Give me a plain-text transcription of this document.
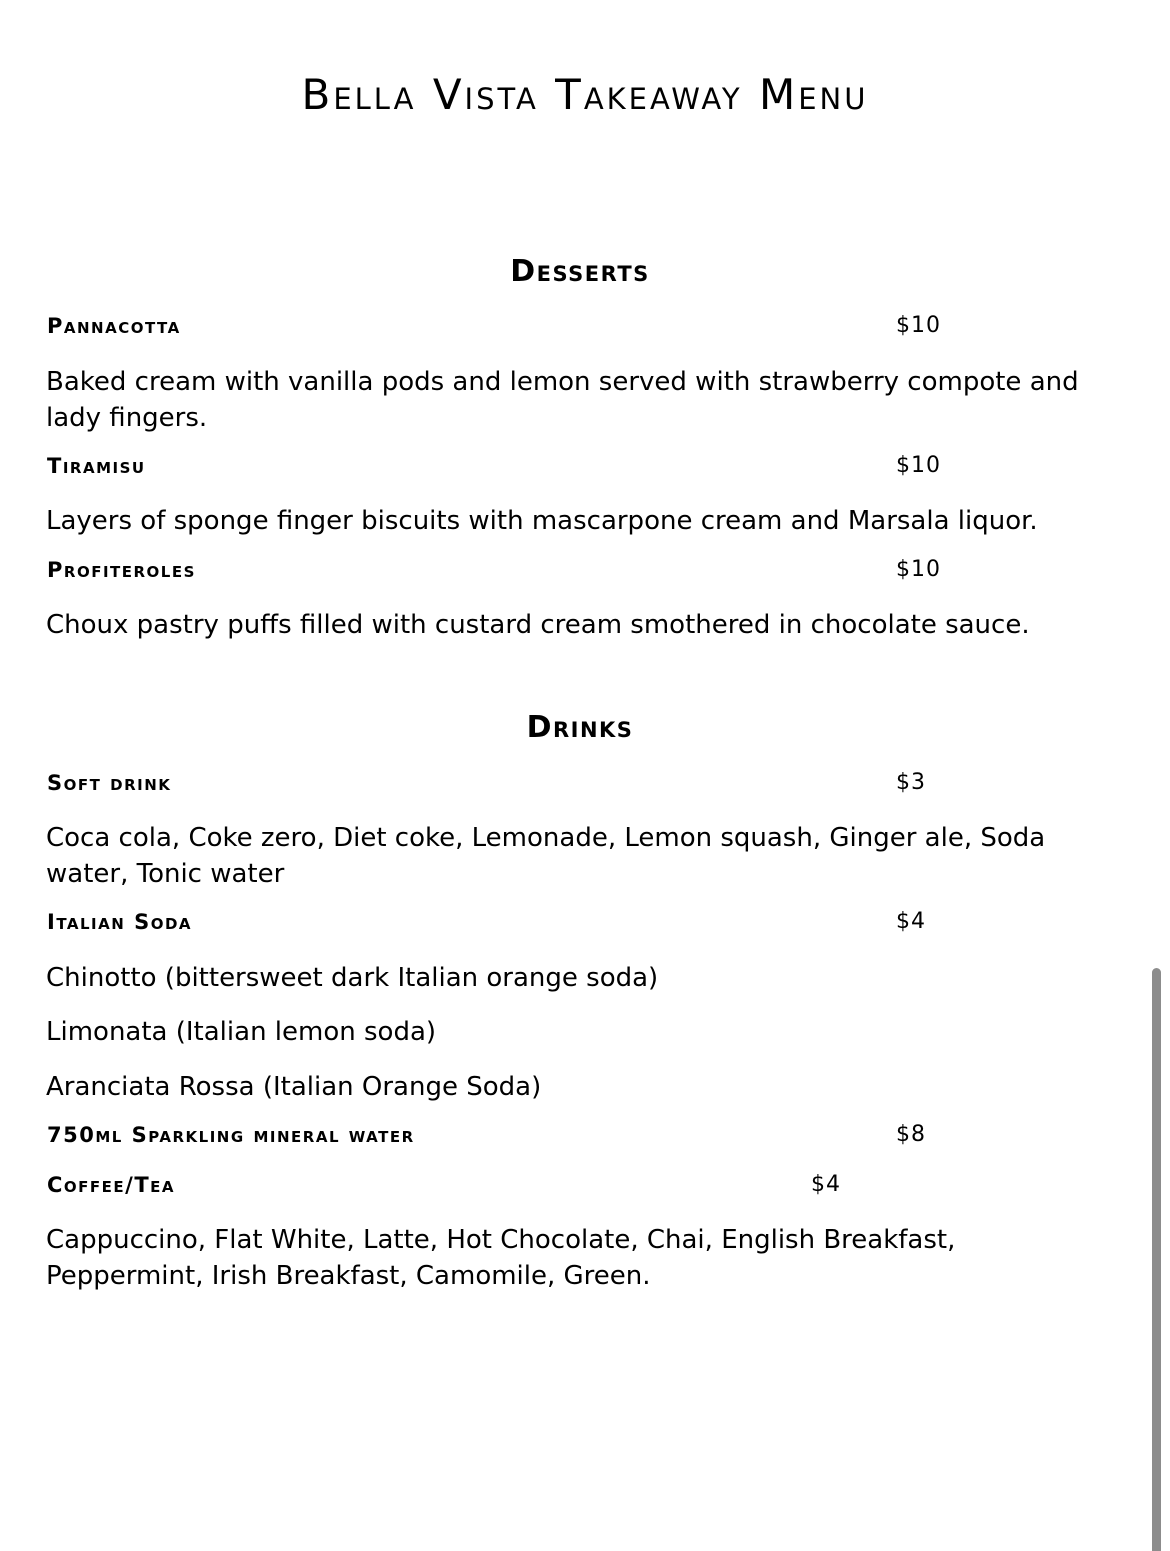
Bella Vista Takeaway Menu
Desserts
Pannacotta	$10

Baked cream with vanilla pods and lemon served with strawberry compote and lady fingers.

Tiramisu	$10

Layers of sponge finger biscuits with mascarpone cream and Marsala liquor.

Profiteroles	$10

Choux pastry puffs filled with custard cream smothered in chocolate sauce.

Drinks
Soft drink	$3

Coca cola, Coke zero, Diet coke, Lemonade, Lemon squash, Ginger ale, Soda water, Tonic water

Italian Soda	$4

Chinotto (bittersweet dark Italian orange soda)

Limonata (Italian lemon soda)

Aranciata Rossa (Italian Orange Soda)

750ml Sparkling mineral water	$8
Coffee/Tea	$4

Cappuccino, Flat White, Latte, Hot Chocolate, Chai, English Breakfast, Peppermint, Irish Breakfast, Camomile, Green.
